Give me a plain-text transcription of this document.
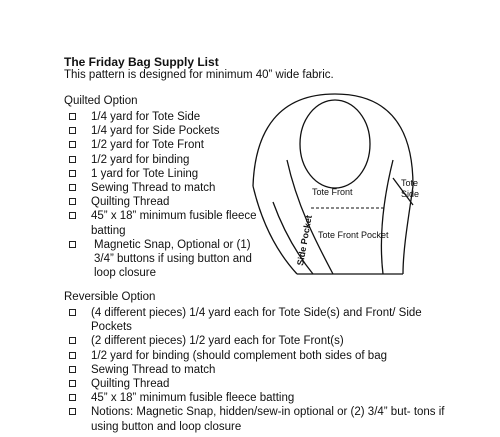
The Friday Bag Supply List
This pattern is designed for minimum 40” wide fabric.
Quilted Option
1/4 yard for Tote Side
1/4 yard for Side Pockets
1/2 yard for Tote Front
1/2 yard for binding
1 yard for Tote Lining
Sewing Thread to match
Quilting Thread
45” x 18” minimum fusible fleece batting
Magnetic Snap, Optional or (1) 3/4” buttons if using button and loop closure
Reversible Option
(4 different pieces) 1/4 yard each for Tote Side(s) and Front/ Side Pockets
(2 different pieces) 1/2 yard each for Tote Front(s)
1/2 yard for binding (should complement both sides of bag
Sewing Thread to match
Quilting Thread
45” x 18” minimum fusible fleece batting
Notions: Magnetic Snap, hidden/sew-in optional or (2) 3/4” but- tons if using button and loop closure
Tote Front
Tote
Side
Tote Front Pocket
Side Pocket
